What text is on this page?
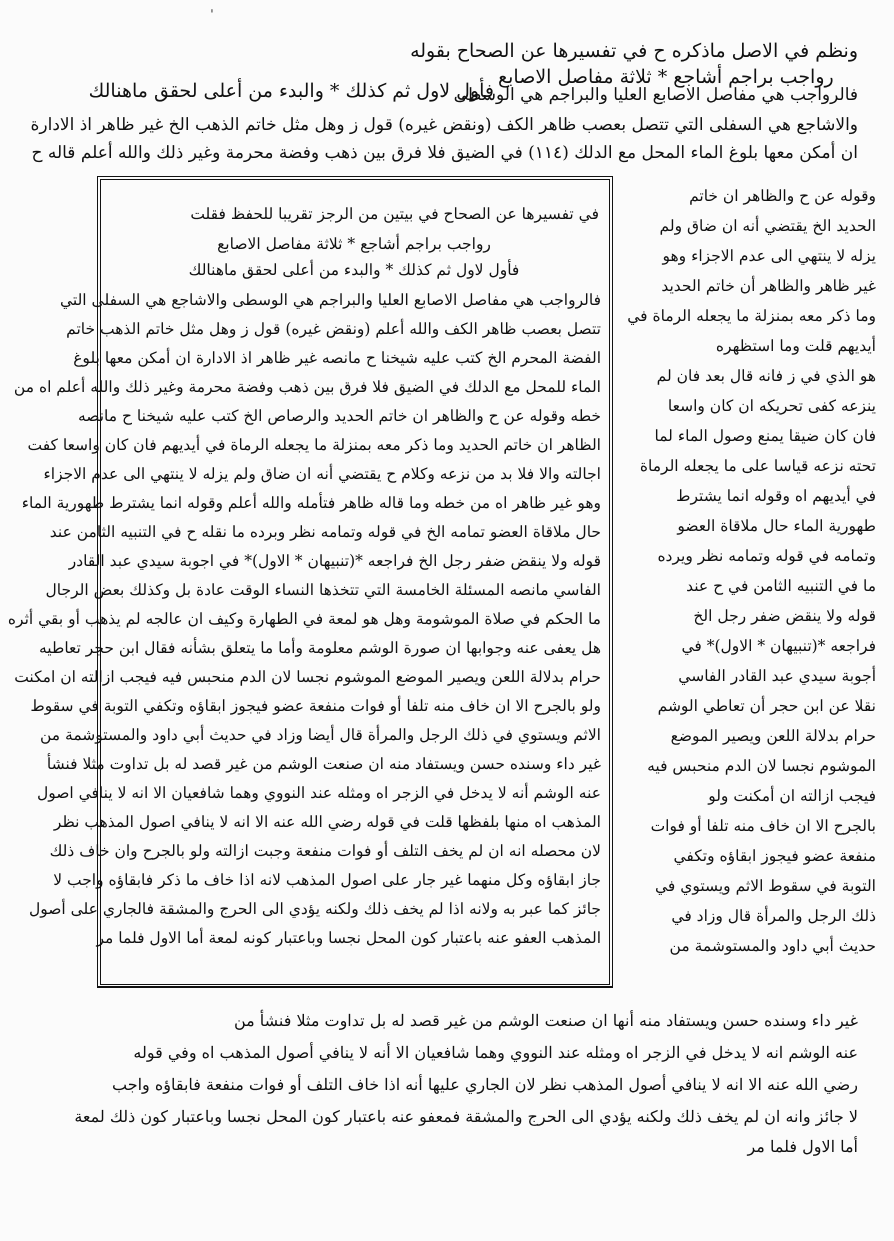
ˈ

ونظم في الاصل ماذكره ح في تفسيرها عن الصحاح بقوله

رواجب براجم أشاجع * ثلاثة مفاصل الاصابع

فأول لاول ثم كذلك * والبدء من أعلى لحقق ماهنالك

فالرواجب هي مفاصل الاصابع العليا والبراجم هي الوسطى

والاشاجع هي السفلى التي تتصل بعصب ظاهر الكف (ونقض غيره) قول ز وهل مثل خاتم الذهب الخ غير ظاهر اذ الادارة

ان أمكن معها بلوغ الماء المحل مع الدلك (١١٤) في الضيق فلا فرق بين ذهب وفضة محرمة وغير ذلك والله أعلم قاله ح

وقوله عن ح والظاهر ان خاتم

الحديد الخ يقتضي أنه ان ضاق ولم

يزله لا ينتهي الى عدم الاجزاء وهو

غير ظاهر والظاهر أن خاتم الحديد

وما ذكر معه بمنزلة ما يجعله الرماة في

أيديهم قلت وما استظهره

هو الذي في ز فانه قال بعد فان لم

ينزعه كفى تحريكه ان كان واسعا

فان كان ضيقا يمنع وصول الماء لما

تحته نزعه قياسا على ما يجعله الرماة

في أيديهم اه وقوله انما يشترط

طهورية الماء حال ملاقاة العضو

وتمامه في قوله وتمامه نظر ويرده

ما في التنبيه الثامن في ح عند

قوله ولا ينقض ضفر رجل الخ

فراجعه *(تنبيهان * الاول)* في

أجوبة سيدي عبد القادر الفاسي

نقلا عن ابن حجر أن تعاطي الوشم

حرام بدلالة اللعن ويصير الموضع

الموشوم نجسا لان الدم منحبس فيه

فيجب ازالته ان أمكنت ولو

بالجرح الا ان خاف منه تلفا أو فوات

منفعة عضو فيجوز ابقاؤه وتكفي

التوبة في سقوط الاثم ويستوي في

ذلك الرجل والمرأة قال وزاد في

حديث أبي داود والمستوشمة من

في تفسيرها عن الصحاح في بيتين من الرجز تقريبا للحفظ فقلت

رواجب براجم أشاجع * ثلاثة مفاصل الاصابع

فأول لاول ثم كذلك * والبدء من أعلى لحقق ماهنالك

فالرواجب هي مفاصل الاصابع العليا والبراجم هي الوسطى والاشاجع هي السفلى التي

تتصل بعصب ظاهر الكف والله أعلم (ونقض غيره) قول ز وهل مثل خاتم الذهب خاتم

الفضة المحرم الخ كتب عليه شيخنا ح مانصه غير ظاهر اذ الادارة ان أمكن معها بلوغ

الماء للمحل مع الدلك في الضيق فلا فرق بين ذهب وفضة محرمة وغير ذلك والله أعلم اه من

خطه وقوله عن ح والظاهر ان خاتم الحديد والرصاص الخ كتب عليه شيخنا ح مانصه

الظاهر ان خاتم الحديد وما ذكر معه بمنزلة ما يجعله الرماة في أيديهم فان كان واسعا كفت

اجالته والا فلا بد من نزعه وكلام ح يقتضي أنه ان ضاق ولم يزله لا ينتهي الى عدم الاجزاء

وهو غير ظاهر اه من خطه وما قاله ظاهر فتأمله والله أعلم وقوله انما يشترط طهورية الماء

حال ملاقاة العضو تمامه الخ في قوله وتمامه نظر وبرده ما نقله ح في التنبيه الثامن عند

قوله ولا ينقض ضفر رجل الخ فراجعه *(تنبيهان * الاول)* في اجوبة سيدي عبد القادر

الفاسي مانصه المسئلة الخامسة التي تتخذها النساء الوقت عادة بل وكذلك بعض الرجال

ما الحكم في صلاة الموشومة وهل هو لمعة في الطهارة وكيف ان عالجه لم يذهب أو بقي أثره

هل يعفى عنه وجوابها ان صورة الوشم معلومة وأما ما يتعلق بشأنه فقال ابن حجر تعاطيه

حرام بدلالة اللعن ويصير الموضع الموشوم نجسا لان الدم منحبس فيه فيجب ازالته ان امكنت

ولو بالجرح الا ان خاف منه تلفا أو فوات منفعة عضو فيجوز ابقاؤه وتكفي التوبة في سقوط

الاثم ويستوي في ذلك الرجل والمرأة قال أيضا وزاد في حديث أبي داود والمستوشمة من

غير داء وسنده حسن ويستفاد منه ان صنعت الوشم من غير قصد له بل تداوت مثلا فنشأ

عنه الوشم أنه لا يدخل في الزجر اه ومثله عند النووي وهما شافعيان الا انه لا ينافي اصول

المذهب اه منها بلفظها قلت في قوله رضي الله عنه الا انه لا ينافي اصول المذهب نظر

لان محصله انه ان لم يخف التلف أو فوات منفعة وجبت ازالته ولو بالجرح وان خاف ذلك

جاز ابقاؤه وكل منهما غير جار على اصول المذهب لانه اذا خاف ما ذكر فابقاؤه واجب لا

جائز كما عبر به ولانه اذا لم يخف ذلك ولكنه يؤدي الى الحرج والمشقة فالجاري على أصول

المذهب العفو عنه باعتبار كون المحل نجسا وباعتبار كونه لمعة أما الاول فلما مر

غير داء وسنده حسن ويستفاد منه أنها ان صنعت الوشم من غير قصد له بل تداوت مثلا فنشأ من

عنه الوشم انه لا يدخل في الزجر اه ومثله عند النووي وهما شافعيان الا أنه لا ينافي أصول المذهب اه وفي قوله

رضي الله عنه الا انه لا ينافي أصول المذهب نظر لان الجاري عليها أنه اذا خاف التلف أو فوات منفعة فابقاؤه واجب

لا جائز وانه ان لم يخف ذلك ولكنه يؤدي الى الحرج والمشقة فمعفو عنه باعتبار كون المحل نجسا وباعتبار كون ذلك لمعة

أما الاول فلما مر
